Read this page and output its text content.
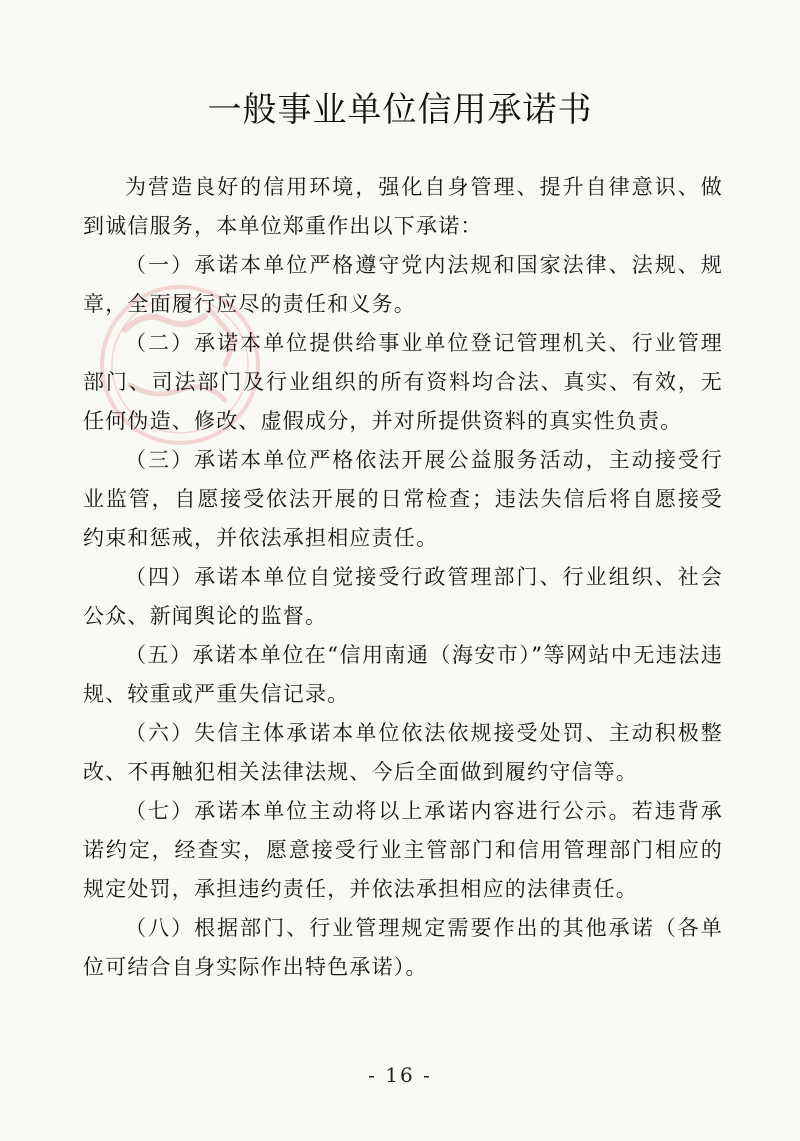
一般事业单位信用承诺书

为营造良好的信用环境，强化自身管理、提升自律意识、做到诚信服务，本单位郑重作出以下承诺：

（一）承诺本单位严格遵守党内法规和国家法律、法规、规章，全面履行应尽的责任和义务。

（二）承诺本单位提供给事业单位登记管理机关、行业管理部门、司法部门及行业组织的所有资料均合法、真实、有效，无任何伪造、修改、虚假成分，并对所提供资料的真实性负责。

（三）承诺本单位严格依法开展公益服务活动，主动接受行业监管，自愿接受依法开展的日常检查；违法失信后将自愿接受约束和惩戒，并依法承担相应责任。

（四）承诺本单位自觉接受行政管理部门、行业组织、社会公众、新闻舆论的监督。

（五）承诺本单位在“信用南通（海安市）”等网站中无违法违规、较重或严重失信记录。

（六）失信主体承诺本单位依法依规接受处罚、主动积极整改、不再触犯相关法律法规、今后全面做到履约守信等。

（七）承诺本单位主动将以上承诺内容进行公示。若违背承诺约定，经查实，愿意接受行业主管部门和信用管理部门相应的规定处罚，承担违约责任，并依法承担相应的法律责任。

（八）根据部门、行业管理规定需要作出的其他承诺（各单位可结合自身实际作出特色承诺）。

- 16 -
